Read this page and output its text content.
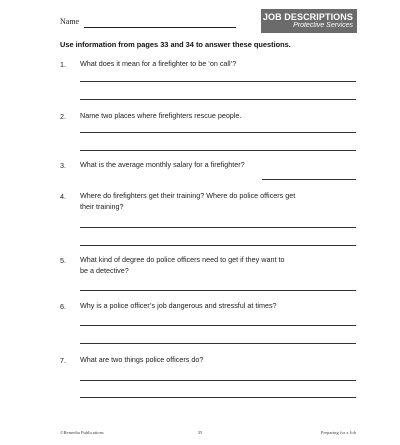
Name	JOB DESCRIPTIONS
Protective Services
Use information from pages 33 and 34 to answer these questions.
1. What does it mean for a firefighter to be ‘on call’?
2. Name two places where firefighters rescue people.
3. What is the average monthly salary for a firefighter?
4. Where do firefighters get their training? Where do police officers get
their training?
5. What kind of degree do police officers need to get if they want to
be a detective?
6. Why is a police officer’s job dangerous and stressful at times?
7. What are two things police officers do?
©Remedia Publications	35	Preparing for a Job
